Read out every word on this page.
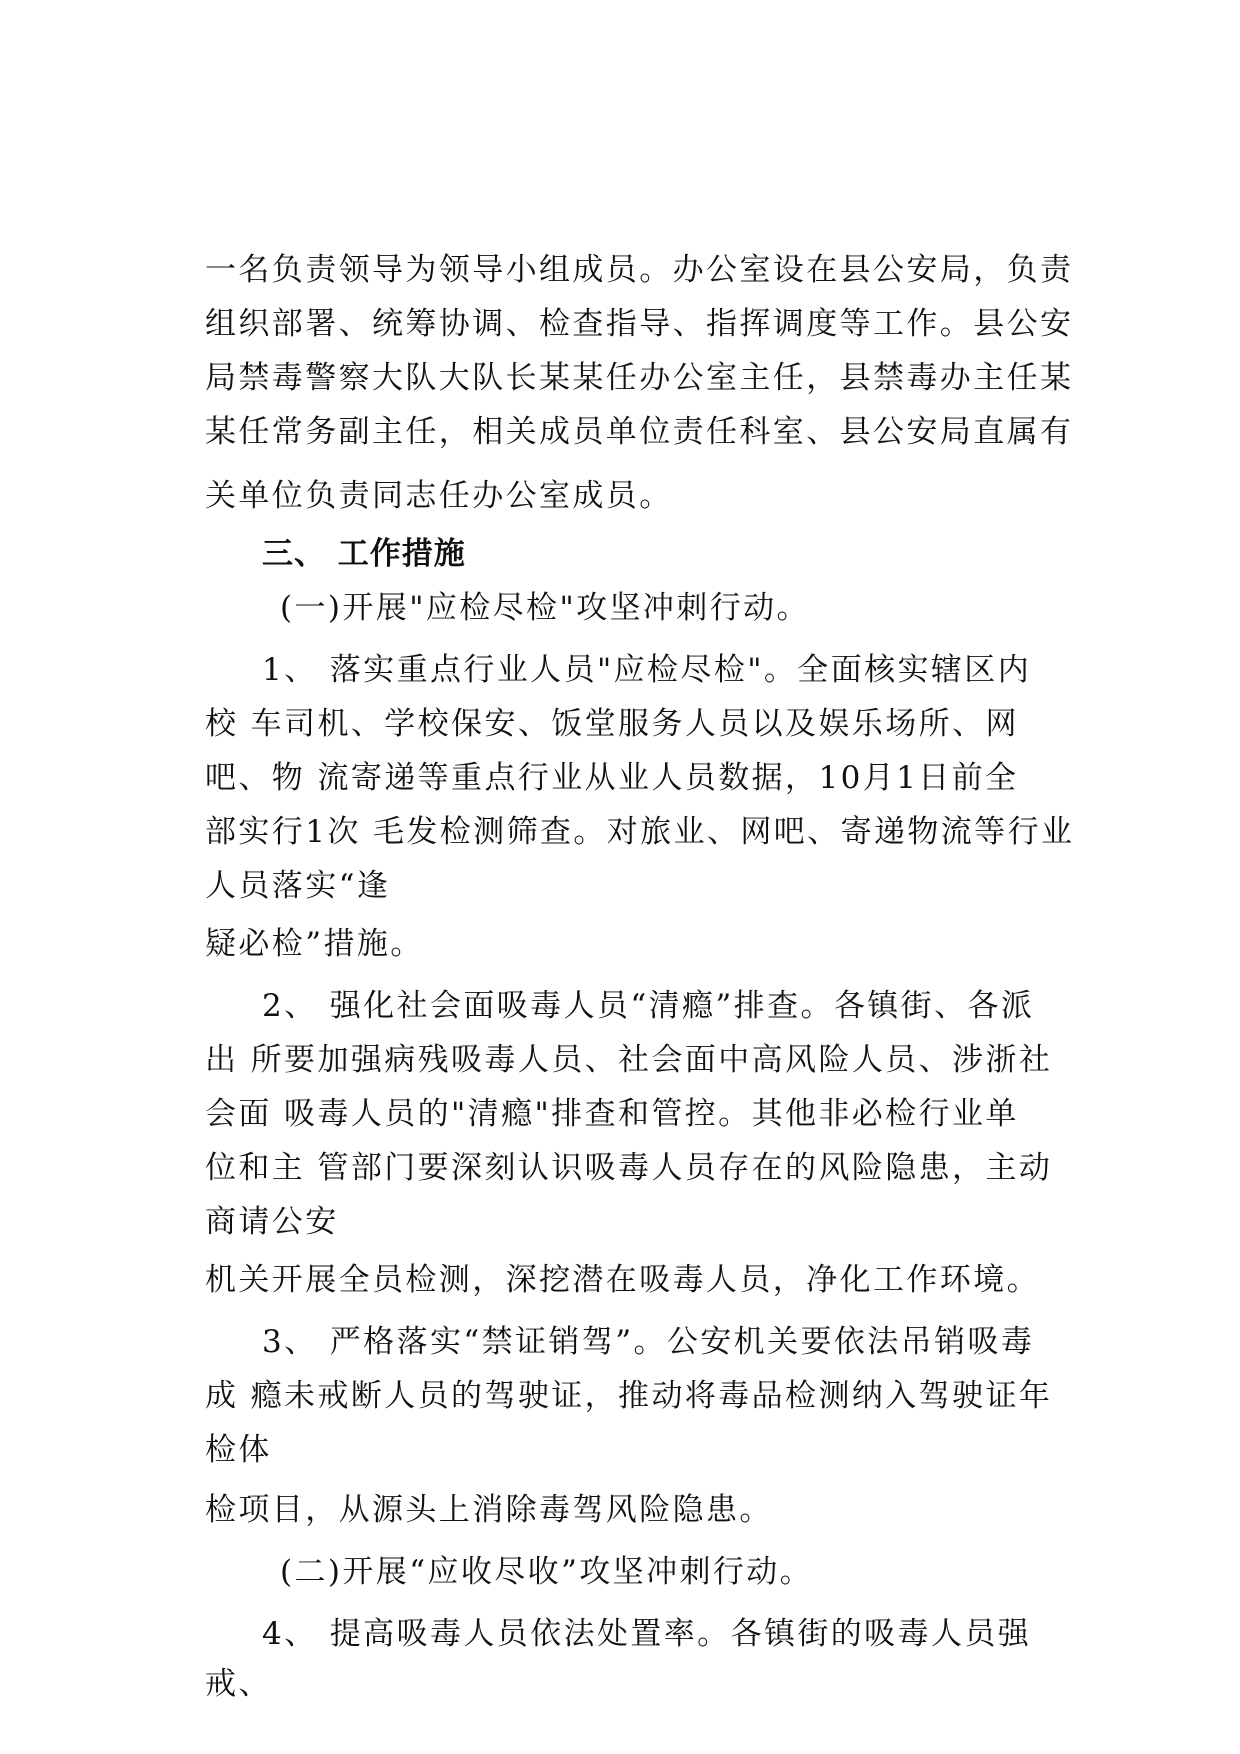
一名负责领导为领导小组成员。办公室设在县公安局，负责
组织部署、统筹协调、检查指导、指挥调度等工作。县公安
局禁毒警察大队大队长某某任办公室主任，县禁毒办主任某
某任常务副主任，相关成员单位责任科室、县公安局直属有
关单位负责同志任办公室成员。
三、 工作措施
(一)开展"应检尽检"攻坚冲刺行动。
1、 落实重点行业人员"应检尽检"。全面核实辖区内
校 车司机、学校保安、饭堂服务人员以及娱乐场所、网
吧、物 流寄递等重点行业从业人员数据，10月1日前全
部实行1次 毛发检测筛查。对旅业、网吧、寄递物流等行业
人员落实“逢
疑必检”措施。
2、 强化社会面吸毒人员“清瘾”排查。各镇街、各派
出 所要加强病残吸毒人员、社会面中高风险人员、涉浙社
会面 吸毒人员的"清瘾"排查和管控。其他非必检行业单
位和主 管部门要深刻认识吸毒人员存在的风险隐患，主动
商请公安
机关开展全员检测，深挖潜在吸毒人员，净化工作环境。
3、 严格落实“禁证销驾”。公安机关要依法吊销吸毒
成 瘾未戒断人员的驾驶证，推动将毒品检测纳入驾驶证年
检体
检项目，从源头上消除毒驾风险隐患。
(二)开展“应收尽收”攻坚冲刺行动。
4、 提高吸毒人员依法处置率。各镇街的吸毒人员强
戒、
